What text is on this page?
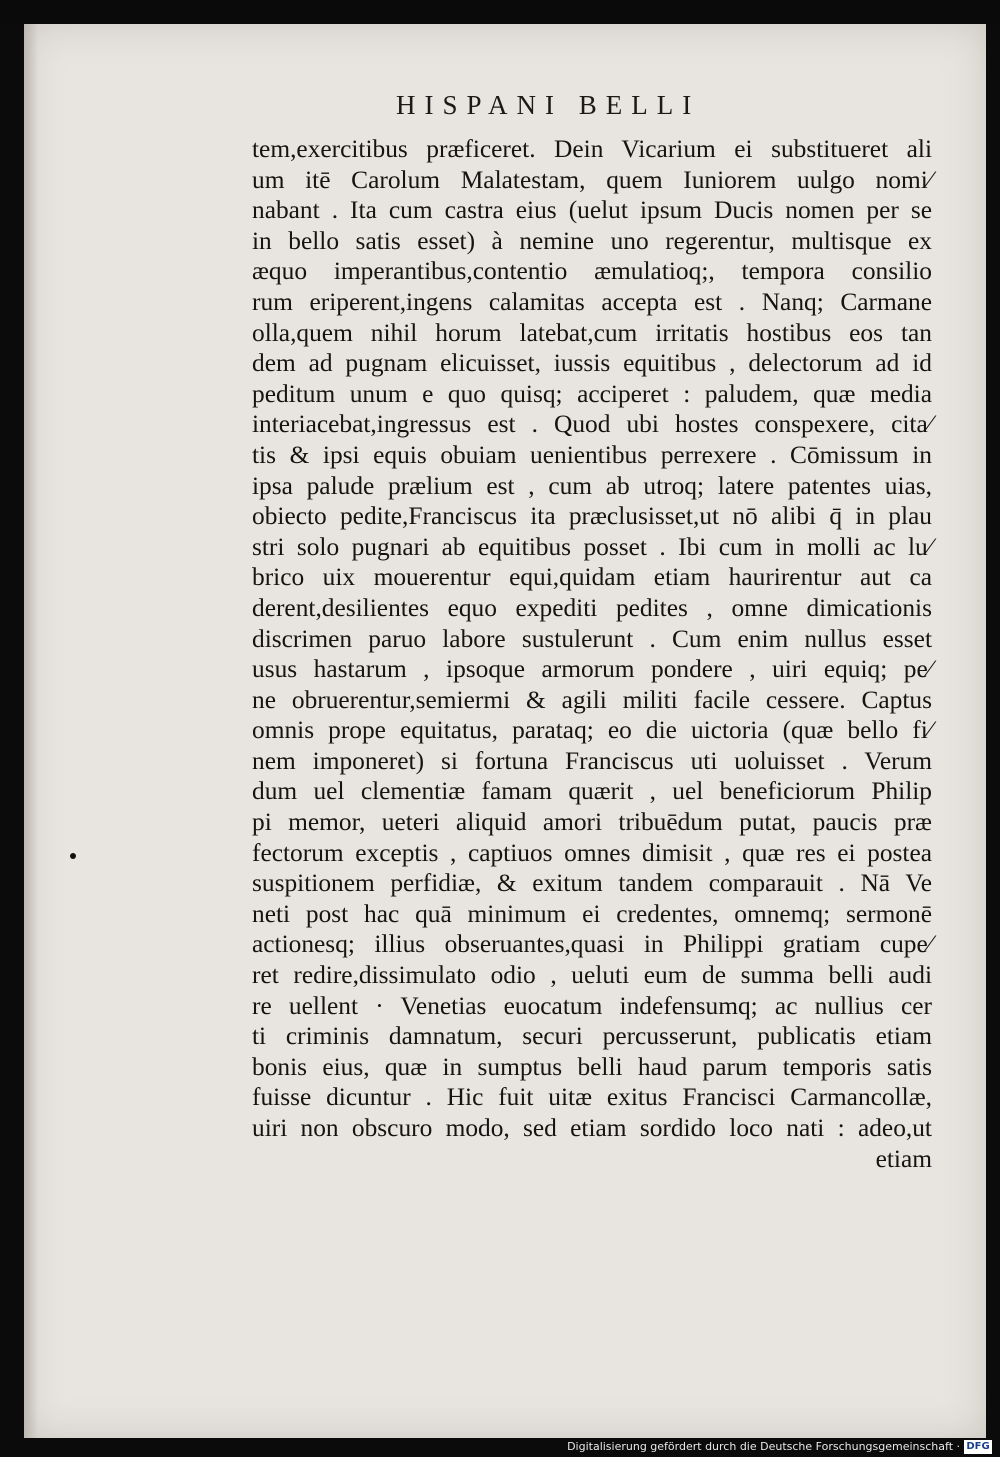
HISPANI BELLI
tem,exercitibus præficeret. Dein Vicarium ei substitueret ali
um itē Carolum Malatestam, quem Iuniorem uulgo nomi⁄
nabant . Ita cum castra eius (uelut ipsum Ducis nomen per se
in bello satis esset) à nemine uno regerentur, multisque ex
æquo imperantibus,contentio æmulatioq;, tempora consilio
rum eriperent,ingens calamitas accepta est . Nanq; Carmane
olla,quem nihil horum latebat,cum irritatis hostibus eos tan
dem ad pugnam elicuisset, iussis equitibus , delectorum ad id
peditum unum e quo quisq; acciperet : paludem, quæ media
interiacebat,ingressus est . Quod ubi hostes conspexere, cita⁄
tis & ipsi equis obuiam uenientibus perrexere . Cōmissum in
ipsa palude prælium est , cum ab utroq; latere patentes uias,
obiecto pedite,Franciscus ita præclusisset,ut nō alibi q̄ in plau
stri solo pugnari ab equitibus posset . Ibi cum in molli ac lu⁄
brico uix mouerentur equi,quidam etiam haurirentur aut ca
derent,desilientes equo expediti pedites , omne dimicationis
discrimen paruo labore sustulerunt . Cum enim nullus esset
usus hastarum , ipsoque armorum pondere , uiri equiq; pe⁄
ne obruerentur,semiermi & agili militi facile cessere. Captus
omnis prope equitatus, parataq; eo die uictoria (quæ bello fi⁄
nem imponeret) si fortuna Franciscus uti uoluisset . Verum
dum uel clementiæ famam quærit , uel beneficiorum Philip
pi memor, ueteri aliquid amori tribuēdum putat, paucis præ
fectorum exceptis , captiuos omnes dimisit , quæ res ei postea
suspitionem perfidiæ, & exitum tandem comparauit . Nā Ve
neti post hac quā minimum ei credentes, omnemq; sermonē
actionesq; illius obseruantes,quasi in Philippi gratiam cupe⁄
ret redire,dissimulato odio , ueluti eum de summa belli audi
re uellent · Venetias euocatum indefensumq; ac nullius cer
ti criminis damnatum, securi percusserunt, publicatis etiam
bonis eius, quæ in sumptus belli haud parum temporis satis
fuisse dicuntur . Hic fuit uitæ exitus Francisci Carmancollæ,
uiri non obscuro modo, sed etiam sordido loco nati : adeo,ut
etiam
Digitalisierung gefördert durch die Deutsche Forschungsgemeinschaft · DFG
